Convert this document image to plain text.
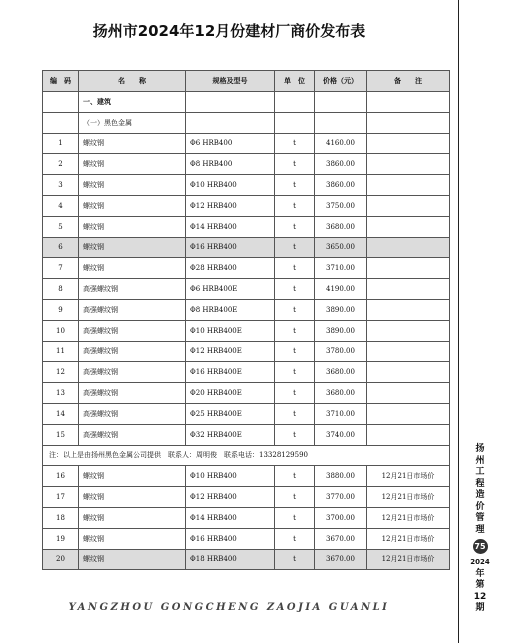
扬州市2024年12月份建材厂商价发布表
编　码	名　　称	规格及型号	单　位	价格（元）	备　　注
	一、建筑				
	（一）黑色金属				
1	螺纹钢	Φ6 HRB400	t	4160.00	
2	螺纹钢	Φ8 HRB400	t	3860.00	
3	螺纹钢	Φ10 HRB400	t	3860.00	
4	螺纹钢	Φ12 HRB400	t	3750.00	
5	螺纹钢	Φ14 HRB400	t	3680.00	
6	螺纹钢	Φ16 HRB400	t	3650.00	
7	螺纹钢	Φ28 HRB400	t	3710.00	
8	高强螺纹钢	Φ6 HRB400E	t	4190.00	
9	高强螺纹钢	Φ8 HRB400E	t	3890.00	
10	高强螺纹钢	Φ10 HRB400E	t	3890.00	
11	高强螺纹钢	Φ12 HRB400E	t	3780.00	
12	高强螺纹钢	Φ16 HRB400E	t	3680.00	
13	高强螺纹钢	Φ20 HRB400E	t	3680.00	
14	高强螺纹钢	Φ25 HRB400E	t	3710.00	
15	高强螺纹钢	Φ32 HRB400E	t	3740.00	
注：以上是由扬州黑色金属公司提供　联系人：周明俊　联系电话：13328129590					
16	螺纹钢	Φ10 HRB400	t	3880.00	12月21日市场价
17	螺纹钢	Φ12 HRB400	t	3770.00	12月21日市场价
18	螺纹钢	Φ14 HRB400	t	3700.00	12月21日市场价
19	螺纹钢	Φ16 HRB400	t	3670.00	12月21日市场价
20	螺纹钢	Φ18 HRB400	t	3670.00	12月21日市场价
扬
州
工
程
造
价
管
理
75
2024
年
第
12
期
YANGZHOU GONGCHENG ZAOJIA GUANLI
